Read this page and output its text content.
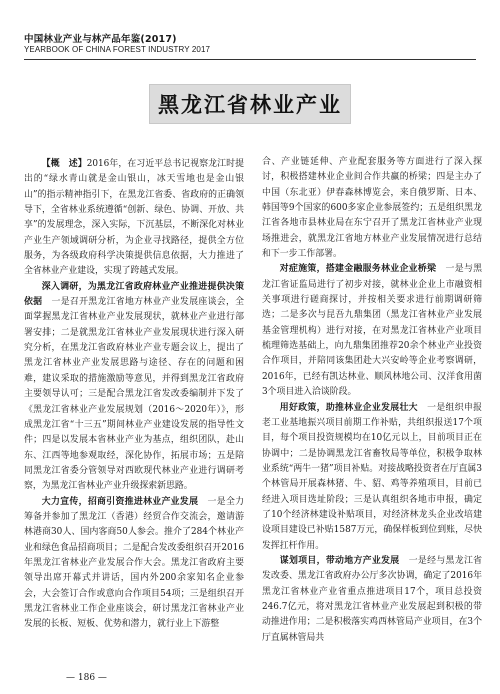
中国林业产业与林产品年鉴(2017)
YEARBOOK OF CHINA FOREST INDUSTRY 2017
黑龙江省林业产业

【概　述】2016年，在习近平总书记视察龙江时提出的“绿水青山就是金山银山，冰天雪地也是金山银山”的指示精神指引下，在黑龙江省委、省政府的正确领导下，全省林业系统遵循“创新、绿色、协调、开放、共享”的发展理念，深入实际，下沉基层，不断深化对林业产业生产领域调研分析，为企业寻找路径，提供全方位服务，为各级政府科学决策提供信息依据，大力推进了全省林业产业建设，实现了跨越式发展。

深入调研，为黑龙江省政府林业产业推进提供决策依据　 一是召开黑龙江省地方林业产业发展座谈会，全面掌握黑龙江省林业产业发展现状，就林业产业进行部署安排；二是就黑龙江省林业产业发展现状进行深入研究分析，在黑龙江省政府林业产业专题会议上，提出了黑龙江省林业产业发展思路与途径、存在的问题和困难，建议采取的措施激励等意见，并得到黑龙江省政府主要领导认可；三是配合黑龙江省发改委编制并下发了《黑龙江省林业产业发展规划（2016～2020年）》，形成黑龙江省“十三五”期间林业产业建设发展的指导性文件；四是以发展本省林业产业为基点，组织团队，赴山东、江西等地参观取经，深化协作，拓展市场；五是陪同黑龙江省委分管领导对西欧现代林业产业进行调研考察，为黑龙江省林业产业升级探索新思路。

大力宣传，招商引资推进林业产业发展　 一是全力筹备并参加了黑龙江（香港）经贸合作交流会，邀请游林港商30人、国内客商50人参会。推介了284个林业产业和绿色食品招商项目；二是配合发改委组织召开2016年黑龙江省林业产业发展合作大会。黑龙江省政府主要领导出席开幕式并讲话，国内外200余家知名企业参会，大会签订合作或意向合作项目54项；三是组织召开黑龙江省林业工作企业座谈会，研讨黑龙江省林业产业发展的长板、短板、优势和潜力，就行业上下游整

合、产业链延伸、产业配套服务等方面进行了深入探讨，积极搭建林业企业间合作共赢的桥梁；四是主办了中国（东北亚）伊春森林博览会，来自俄罗斯、日本、韩国等9个国家的600多家企业参展签约；五是组织黑龙江省各地市县林业局在东宁召开了黑龙江省林业产业现场推进会，就黑龙江省地方林业产业发展情况进行总结和下一步工作部署。

对症施策，搭建金融服务林业企业桥梁　 一是与黑龙江省证监局进行了初步对接，就林业企业上市融资相关事项进行磋商探讨，并按相关要求进行前期调研筛选；二是多次与昆吾九鼎集团（黑龙江省林业产业发展基金管理机构）进行对接，在对黑龙江省林业产业项目梳理筛选基础上，向九鼎集团推荐20余个林业产业投资合作项目，并陪同该集团赴大兴安岭等企业考察调研，2016年，已经有凯达林业、顺风林地公司、汉洋食用菌3个项目进入洽谈阶段。

用好政策，助推林业企业发展壮大　 一是组织申报老工业基地振兴项目前期工作补贴，共组织报送17个项目，每个项目投资规模均在10亿元以上，目前项目正在协调中；二是协调黑龙江省畜牧局等单位，积极争取林业系统“两牛一猪”项目补贴。对接战略投资者在厅直属3个林管局开展森林猪、牛、貂、鸡等养殖项目，目前已经进入项目选址阶段；三是认真组织各地市申报，确定了10个经济林建设补贴项目，对经济林龙头企业改培建设项目建设已补贴1587万元，确保样板到位到账，尽快发挥扛杆作用。

谋划项目，带动地方产业发展　 一是经与黑龙江省发改委、黑龙江省政府办公厅多次协调，确定了2016年黑龙江省林业产业省重点推进项目17个，项目总投资246.7亿元，将对黑龙江省林业产业发展起到积极的带动推进作用；二是积极落实鸡西林管局产业项目，在3个厅直属林管局共

— 186 —
